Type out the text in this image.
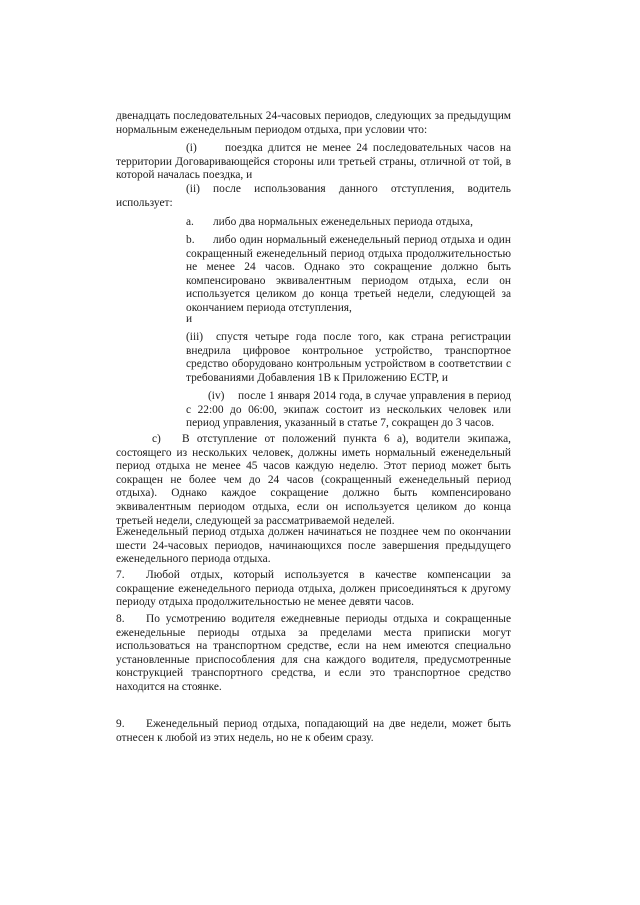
двенадцать последовательных 24-часовых периодов, следующих за предыдущим нормальным еженедельным периодом отдыха, при условии что:

(i) поездка длится не менее 24 последовательных часов на территории Договаривающейся стороны или третьей страны, отличной от той, в которой началась поездка, и

(ii) после использования данного отступления, водитель использует:

a. либо два нормальных еженедельных периода отдыха,

b. либо один нормальный еженедельный период отдыха и один сокращенный еженедельный период отдыха продолжительностью не менее 24 часов. Однако это сокращение должно быть компенсировано эквивалентным периодом отдыха, если он используется целиком до конца третьей недели, следующей за окончанием периода отступления,

и

(iii) спустя четыре года после того, как страна регистрации внедрила цифровое контрольное устройство, транспортное средство оборудовано контрольным устройством в соответствии с требованиями Добавления 1В к Приложению ЕСТР, и

(iv) после 1 января 2014 года, в случае управления в период с 22:00 до 06:00, экипаж состоит из нескольких человек или период управления, указанный в статье 7, сокращен до 3 часов.

c) В отступление от положений пункта 6 а), водители экипажа, состоящего из нескольких человек, должны иметь нормальный еженедельный период отдыха не менее 45 часов каждую неделю. Этот период может быть сокращен не более чем до 24 часов (сокращенный еженедельный период отдыха). Однако каждое сокращение должно быть компенсировано эквивалентным периодом отдыха, если он используется целиком до конца третьей недели, следующей за рассматриваемой неделей.

Еженедельный период отдыха должен начинаться не позднее чем по окончании шести 24-часовых периодов, начинающихся после завершения предыдущего еженедельного периода отдыха.

7. Любой отдых, который используется в качестве компенсации за сокращение еженедельного периода отдыха, должен присоединяться к другому периоду отдыха продолжительностью не менее девяти часов.

8. По усмотрению водителя ежедневные периоды отдыха и сокращенные еженедельные периоды отдыха за пределами места приписки могут использоваться на транспортном средстве, если на нем имеются специально установленные приспособления для сна каждого водителя, предусмотренные конструкцией транспортного средства, и если это транспортное средство находится на стоянке.

9. Еженедельный период отдыха, попадающий на две недели, может быть отнесен к любой из этих недель, но не к обеим сразу.
